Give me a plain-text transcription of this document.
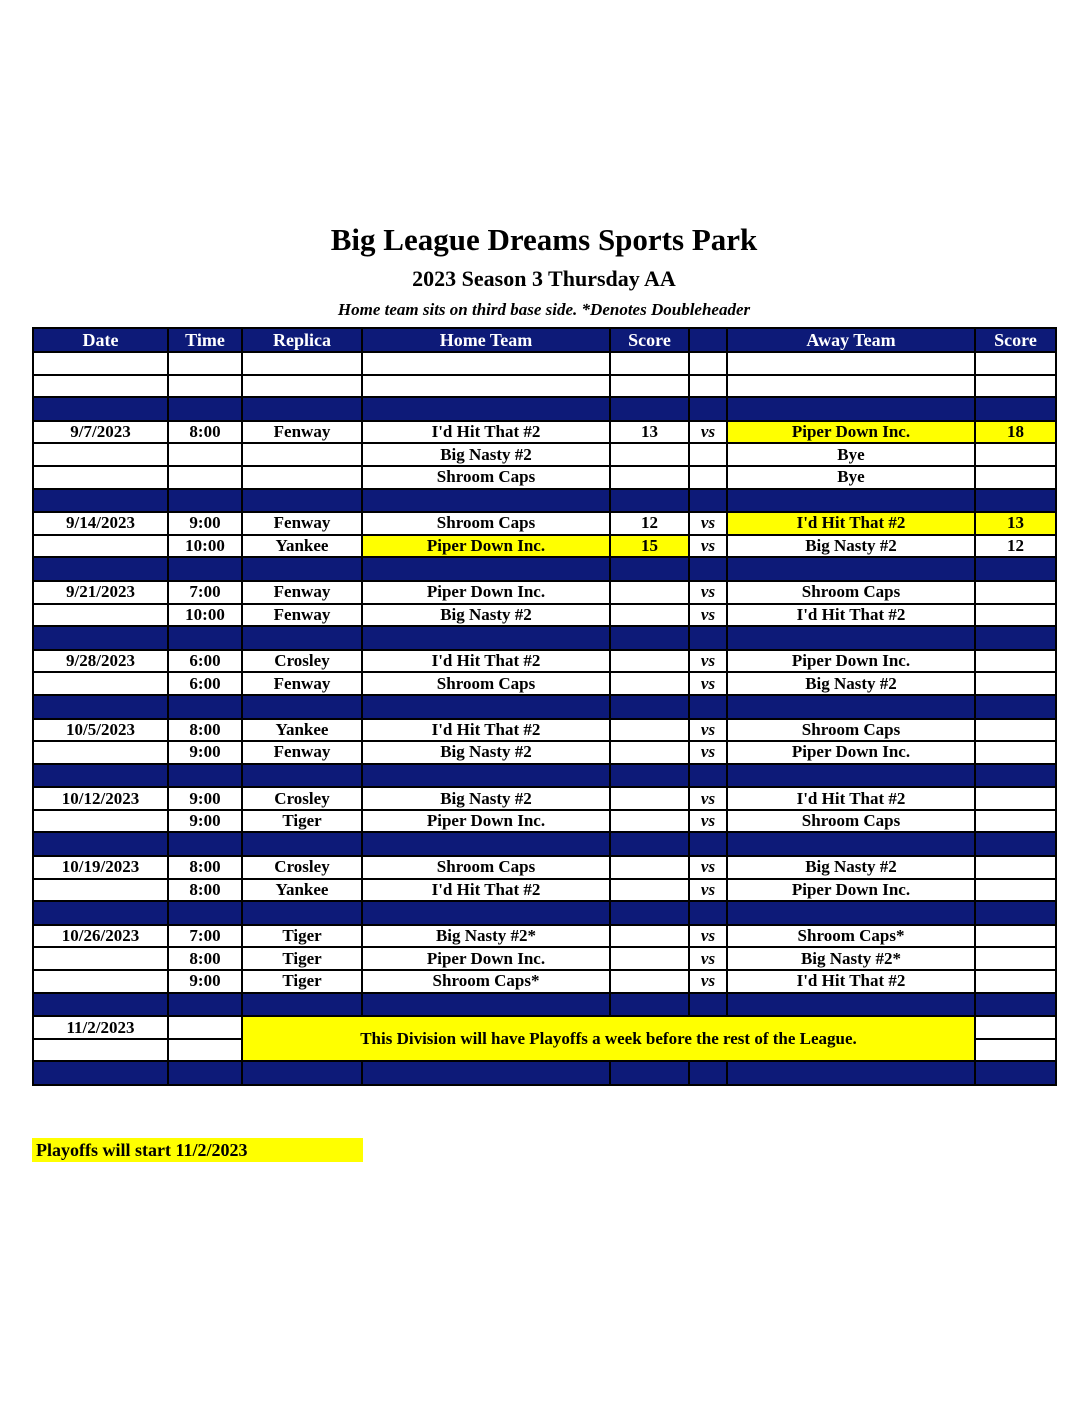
Big League Dreams Sports Park
2023 Season 3 Thursday AA
Home team sits on third base side. *Denotes Doubleheader
Date	Time	Replica	Home Team	Score		Away Team	Score

9/7/2023	8:00	Fenway	I'd Hit That #2	13	vs	Piper Down Inc.	18
			Big Nasty #2			Bye	
			Shroom Caps			Bye	

9/14/2023	9:00	Fenway	Shroom Caps	12	vs	I'd Hit That #2	13
	10:00	Yankee	Piper Down Inc.	15	vs	Big Nasty #2	12

9/21/2023	7:00	Fenway	Piper Down Inc.		vs	Shroom Caps	
	10:00	Fenway	Big Nasty #2		vs	I'd Hit That #2	

9/28/2023	6:00	Crosley	I'd Hit That #2		vs	Piper Down Inc.	
	6:00	Fenway	Shroom Caps		vs	Big Nasty #2	

10/5/2023	8:00	Yankee	I'd Hit That #2		vs	Shroom Caps	
	9:00	Fenway	Big Nasty #2		vs	Piper Down Inc.	

10/12/2023	9:00	Crosley	Big Nasty #2		vs	I'd Hit That #2	
	9:00	Tiger	Piper Down Inc.		vs	Shroom Caps	

10/19/2023	8:00	Crosley	Shroom Caps		vs	Big Nasty #2	
	8:00	Yankee	I'd Hit That #2		vs	Piper Down Inc.	

10/26/2023	7:00	Tiger	Big Nasty #2*		vs	Shroom Caps*	
	8:00	Tiger	Piper Down Inc.		vs	Big Nasty #2*	
	9:00	Tiger	Shroom Caps*		vs	I'd Hit That #2	

11/2/2023		This Division will have Playoffs a week before the rest of the League.					

Playoffs will start 11/2/2023
